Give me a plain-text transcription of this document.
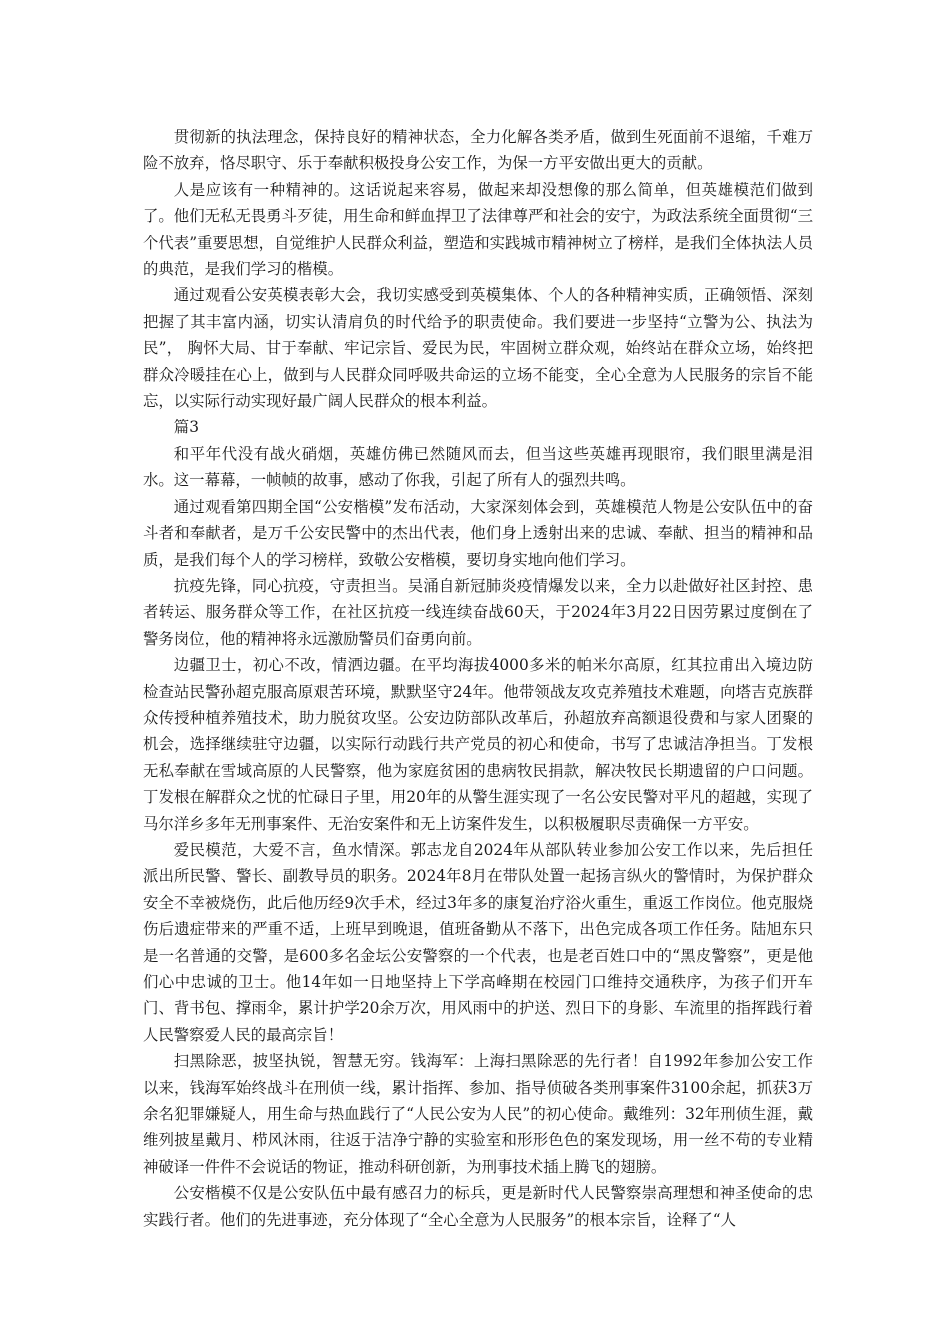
贯彻新的执法理念，保持良好的精神状态，全力化解各类矛盾，做到生死面前不退缩，千难万险不放弃，恪尽职守、乐于奉献积极投身公安工作，为保一方平安做出更大的贡献。

人是应该有一种精神的。这话说起来容易，做起来却没想像的那么简单，但英雄模范们做到了。他们无私无畏勇斗歹徒，用生命和鲜血捍卫了法律尊严和社会的安宁，为政法系统全面贯彻“三个代表”重要思想，自觉维护人民群众利益，塑造和实践城市精神树立了榜样，是我们全体执法人员的典范，是我们学习的楷模。

通过观看公安英模表彰大会，我切实感受到英模集体、个人的各种精神实质，正确领悟、深刻把握了其丰富内涵，切实认清肩负的时代给予的职责使命。我们要进一步坚持“立警为公、执法为民”， 胸怀大局、甘于奉献、牢记宗旨、爱民为民，牢固树立群众观，始终站在群众立场，始终把群众冷暖挂在心上，做到与人民群众同呼吸共命运的立场不能变，全心全意为人民服务的宗旨不能忘，以实际行动实现好最广阔人民群众的根本利益。

篇3

和平年代没有战火硝烟，英雄仿佛已然随风而去，但当这些英雄再现眼帘，我们眼里满是泪水。这一幕幕，一帧帧的故事，感动了你我，引起了所有人的强烈共鸣。

通过观看第四期全国“公安楷模”发布活动，大家深刻体会到，英雄模范人物是公安队伍中的奋斗者和奉献者，是万千公安民警中的杰出代表，他们身上透射出来的忠诚、奉献、担当的精神和品质，是我们每个人的学习榜样，致敬公安楷模，要切身实地向他们学习。

抗疫先锋，同心抗疫，守责担当。吴涌自新冠肺炎疫情爆发以来，全力以赴做好社区封控、患者转运、服务群众等工作，在社区抗疫一线连续奋战60天，于2024年3月22日因劳累过度倒在了警务岗位，他的精神将永远激励警员们奋勇向前。

边疆卫士，初心不改，情洒边疆。在平均海拔4000多米的帕米尔高原，红其拉甫出入境边防检查站民警孙超克服高原艰苦环境，默默坚守24年。他带领战友攻克养殖技术难题，向塔吉克族群众传授种植养殖技术，助力脱贫攻坚。公安边防部队改革后，孙超放弃高额退役费和与家人团聚的机会，选择继续驻守边疆，以实际行动践行共产党员的初心和使命，书写了忠诚洁净担当。丁发根无私奉献在雪域高原的人民警察，他为家庭贫困的患病牧民捐款，解决牧民长期遗留的户口问题。丁发根在解群众之忧的忙碌日子里，用20年的从警生涯实现了一名公安民警对平凡的超越，实现了马尔洋乡多年无刑事案件、无治安案件和无上访案件发生，以积极履职尽责确保一方平安。

爱民模范，大爱不言，鱼水情深。郭志龙自2024年从部队转业参加公安工作以来，先后担任派出所民警、警长、副教导员的职务。2024年8月在带队处置一起扬言纵火的警情时，为保护群众安全不幸被烧伤，此后他历经9次手术，经过3年多的康复治疗浴火重生，重返工作岗位。他克服烧伤后遗症带来的严重不适，上班早到晚退，值班备勤从不落下，出色完成各项工作任务。陆旭东只是一名普通的交警，是600多名金坛公安警察的一个代表，也是老百姓口中的“黑皮警察”，更是他们心中忠诚的卫士。他14年如一日地坚持上下学高峰期在校园门口维持交通秩序，为孩子们开车门、背书包、撑雨伞，累计护学20余万次，用风雨中的护送、烈日下的身影、车流里的指挥践行着人民警察爱人民的最高宗旨！

扫黑除恶，披坚执锐，智慧无穷。钱海军：上海扫黑除恶的先行者！自1992年参加公安工作以来，钱海军始终战斗在刑侦一线，累计指挥、参加、指导侦破各类刑事案件3100余起，抓获3万余名犯罪嫌疑人，用生命与热血践行了“人民公安为人民”的初心使命。戴维列：32年刑侦生涯，戴维列披星戴月、栉风沐雨，往返于洁净宁静的实验室和形形色色的案发现场，用一丝不苟的专业精神破译一件件不会说话的物证，推动科研创新，为刑事技术插上腾飞的翅膀。

公安楷模不仅是公安队伍中最有感召力的标兵，更是新时代人民警察崇高理想和神圣使命的忠实践行者。他们的先进事迹，充分体现了“全心全意为人民服务”的根本宗旨，诠释了“人
